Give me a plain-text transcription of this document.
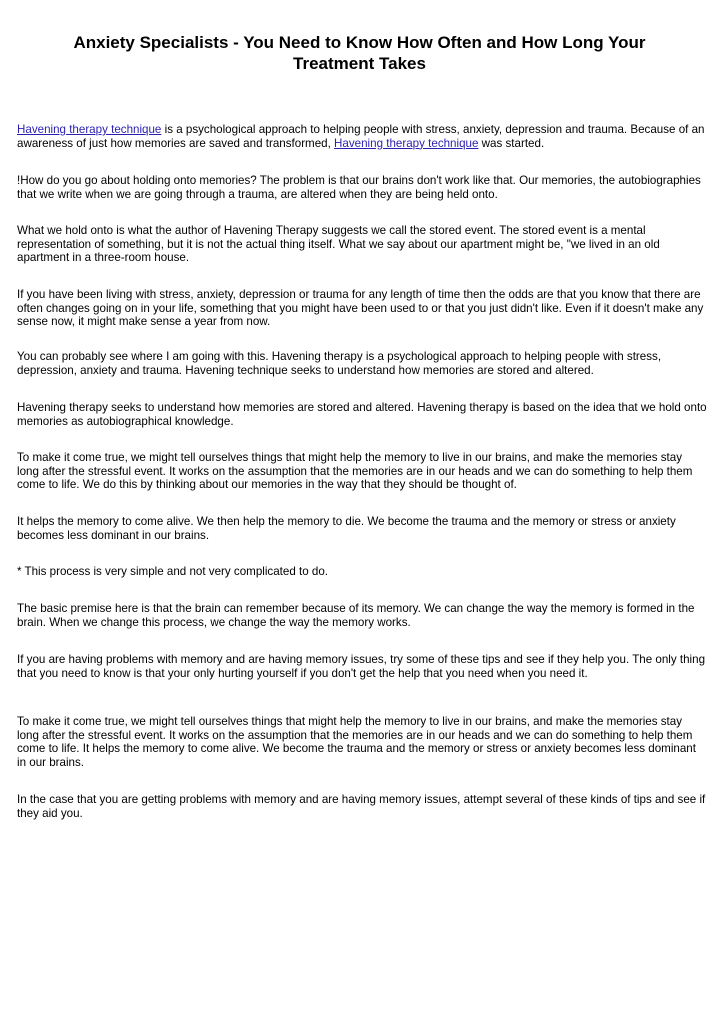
Anxiety Specialists - You Need to Know How Often and How Long Your Treatment Takes

Havening therapy technique is a psychological approach to helping people with stress, anxiety, depression and trauma. Because of an awareness of just how memories are saved and transformed, Havening therapy technique was started.

!How do you go about holding onto memories? The problem is that our brains don't work like that. Our memories, the autobiographies that we write when we are going through a trauma, are altered when they are being held onto.

What we hold onto is what the author of Havening Therapy suggests we call the stored event. The stored event is a mental representation of something, but it is not the actual thing itself. What we say about our apartment might be, "we lived in an old apartment in a three-room house.

If you have been living with stress, anxiety, depression or trauma for any length of time then the odds are that you know that there are often changes going on in your life, something that you might have been used to or that you just didn't like. Even if it doesn't make any sense now, it might make sense a year from now.

You can probably see where I am going with this. Havening therapy is a psychological approach to helping people with stress, depression, anxiety and trauma. Havening technique seeks to understand how memories are stored and altered.

Havening therapy seeks to understand how memories are stored and altered. Havening therapy is based on the idea that we hold onto memories as autobiographical knowledge.

To make it come true, we might tell ourselves things that might help the memory to live in our brains, and make the memories stay long after the stressful event. It works on the assumption that the memories are in our heads and we can do something to help them come to life. We do this by thinking about our memories in the way that they should be thought of.

It helps the memory to come alive. We then help the memory to die. We become the trauma and the memory or stress or anxiety becomes less dominant in our brains.

* This process is very simple and not very complicated to do.

The basic premise here is that the brain can remember because of its memory. We can change the way the memory is formed in the brain. When we change this process, we change the way the memory works.

If you are having problems with memory and are having memory issues, try some of these tips and see if they help you. The only thing that you need to know is that your only hurting yourself if you don't get the help that you need when you need it.

To make it come true, we might tell ourselves things that might help the memory to live in our brains, and make the memories stay long after the stressful event. It works on the assumption that the memories are in our heads and we can do something to help them come to life. It helps the memory to come alive. We become the trauma and the memory or stress or anxiety becomes less dominant in our brains.

In the case that you are getting problems with memory and are having memory issues, attempt several of these kinds of tips and see if they aid you.
